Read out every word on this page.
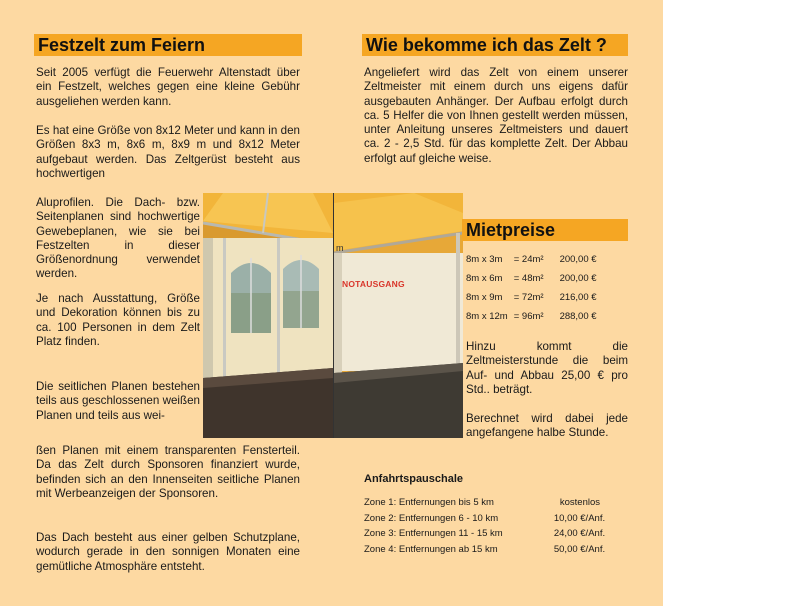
Festzelt zum Feiern	Wie bekomme ich das Zelt ?
Seit 2005 verfügt die Feuerwehr Altenstadt über ein Festzelt, welches gegen eine kleine Gebühr ausgeliehen werden kann.
Es hat eine Größe von 8x12 Meter und kann in den Größen 8x3 m, 8x6 m, 8x9 m und 8x12 Meter aufgebaut werden. Das Zeltgerüst besteht aus hochwertigen
Aluprofilen. Die Dach- bzw. Seitenplanen sind hochwertige Gewebeplanen, wie sie bei Festzelten in dieser Größenordnung verwendet werden.
Je nach Ausstattung, Größe und Dekoration können bis zu ca. 100 Personen in dem Zelt Platz finden.
Die seitlichen Planen bestehen teils aus geschlossenen weißen Planen und teils aus wei-
ßen Planen mit einem transparenten Fensterteil. Da das Zelt durch Sponsoren finanziert wurde, befinden sich an den Innenseiten seitliche Planen mit Werbeanzeigen der Sponsoren.
Das Dach besteht aus einer gelben Schutzplane, wodurch gerade in den sonnigen Monaten eine gemütliche Atmosphäre entsteht.
Angeliefert wird das Zelt von einem unserer Zeltmeister mit einem durch uns eigens dafür ausgebauten Anhänger. Der Aufbau erfolgt durch ca. 5 Helfer die von Ihnen gestellt werden müssen, unter Anleitung unseres Zeltmeisters und dauert ca. 2 - 2,5 Std. für das komplette Zelt. Der Abbau erfolgt auf gleiche weise.
NOTAUSGANG
m
Mietpreise
8m x 3m	= 24m²	200,00 €
8m x 6m	= 48m²	200,00 €
8m x 9m	= 72m²	216,00 €
8m x 12m	= 96m²	288,00 €
Hinzu kommt die Zeltmeisterstunde die beim Auf- und Abbau 25,00 € pro Std.. beträgt.
Berechnet wird dabei jede angefangene halbe Stunde.
Anfahrtspauschale
Zone 1: Entfernungen bis 5 km	kostenlos
Zone 2: Entfernungen 6 - 10 km	10,00 €/Anf.
Zone 3: Entfernungen 11 - 15 km	24,00 €/Anf.
Zone 4: Entfernungen ab 15 km	50,00 €/Anf.
